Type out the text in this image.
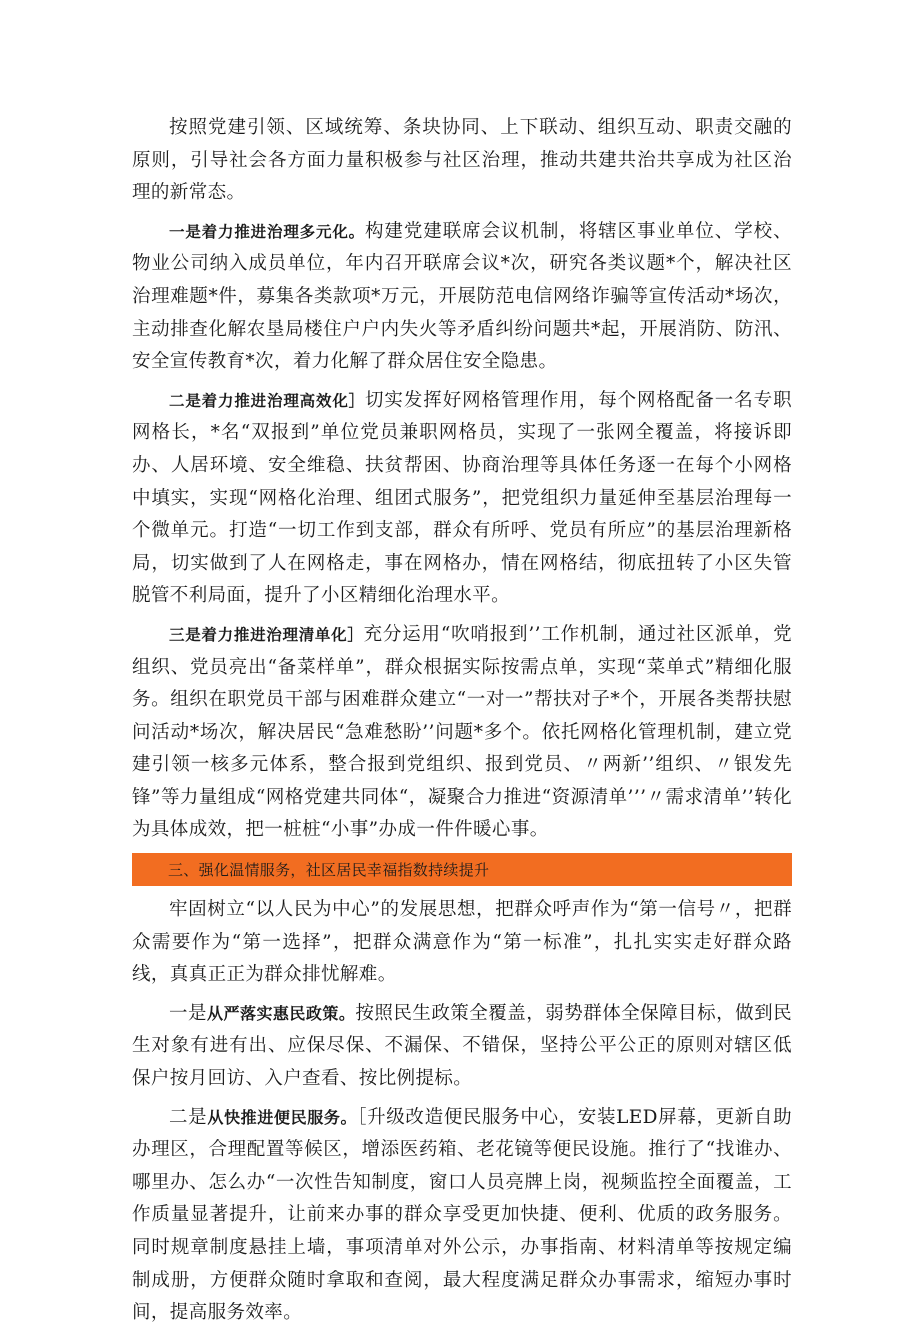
按照党建引领、区域统筹、条块协同、上下联动、组织互动、职责交融的原则，引导社会各方面力量积极参与社区治理，推动共建共治共享成为社区治理的新常态。

一是着力推进治理多元化。构建党建联席会议机制，将辖区事业单位、学校、物业公司纳入成员单位，年内召开联席会议*次，研究各类议题*个，解决社区治理难题*件，募集各类款项*万元，开展防范电信网络诈骗等宣传活动*场次，主动排查化解农垦局楼住户户内失火等矛盾纠纷问题共*起，开展消防、防汛、安全宣传教育*次，着力化解了群众居住安全隐患。

二是着力推进治理高效化］切实发挥好网格管理作用，每个网格配备一名专职网格长，*名“双报到”单位党员兼职网格员，实现了一张网全覆盖，将接诉即办、人居环境、安全维稳、扶贫帮困、协商治理等具体任务逐一在每个小网格中填实，实现“网格化治理、组团式服务”，把党组织力量延伸至基层治理每一个微单元。打造“一切工作到支部，群众有所呼、党员有所应”的基层治理新格局，切实做到了人在网格走，事在网格办，情在网格结，彻底扭转了小区失管脱管不利局面，提升了小区精细化治理水平。

三是着力推进治理清单化］充分运用“吹哨报到’’工作机制，通过社区派单，党组织、党员亮出“备菜样单”，群众根据实际按需点单，实现“菜单式”精细化服务。组织在职党员干部与困难群众建立“一对一”帮扶对子*个，开展各类帮扶慰问活动*场次，解决居民“急难愁盼’’问题*多个。依托网格化管理机制，建立党建引领一核多元体系，整合报到党组织、报到党员、〃两新’’组织、〃银发先锋”等力量组成“网格党建共同体“，凝聚合力推进“资源清单’’’〃需求清单’’转化为具体成效，把一桩桩“小事”办成一件件暖心事。

三、强化温情服务，社区居民幸福指数持续提升

牢固树立“以人民为中心”的发展思想，把群众呼声作为“第一信号〃，把群众需要作为“第一选择”，把群众满意作为“第一标准”，扎扎实实走好群众路线，真真正正为群众排忧解难。

一是从严落实惠民政策。按照民生政策全覆盖，弱势群体全保障目标，做到民生对象有进有出、应保尽保、不漏保、不错保，坚持公平公正的原则对辖区低保户按月回访、入户查看、按比例提标。

二是从快推进便民服务。［升级改造便民服务中心，安装LED屏幕，更新自助办理区，合理配置等候区，增添医药箱、老花镜等便民设施。推行了“找谁办、哪里办、怎么办“一次性告知制度，窗口人员亮牌上岗，视频监控全面覆盖，工作质量显著提升，让前来办事的群众享受更加快捷、便利、优质的政务服务。同时规章制度悬挂上墙，事项清单对外公示，办事指南、材料清单等按规定编制成册，方便群众随时拿取和查阅，最大程度满足群众办事需求，缩短办事时间，提高服务效率。
